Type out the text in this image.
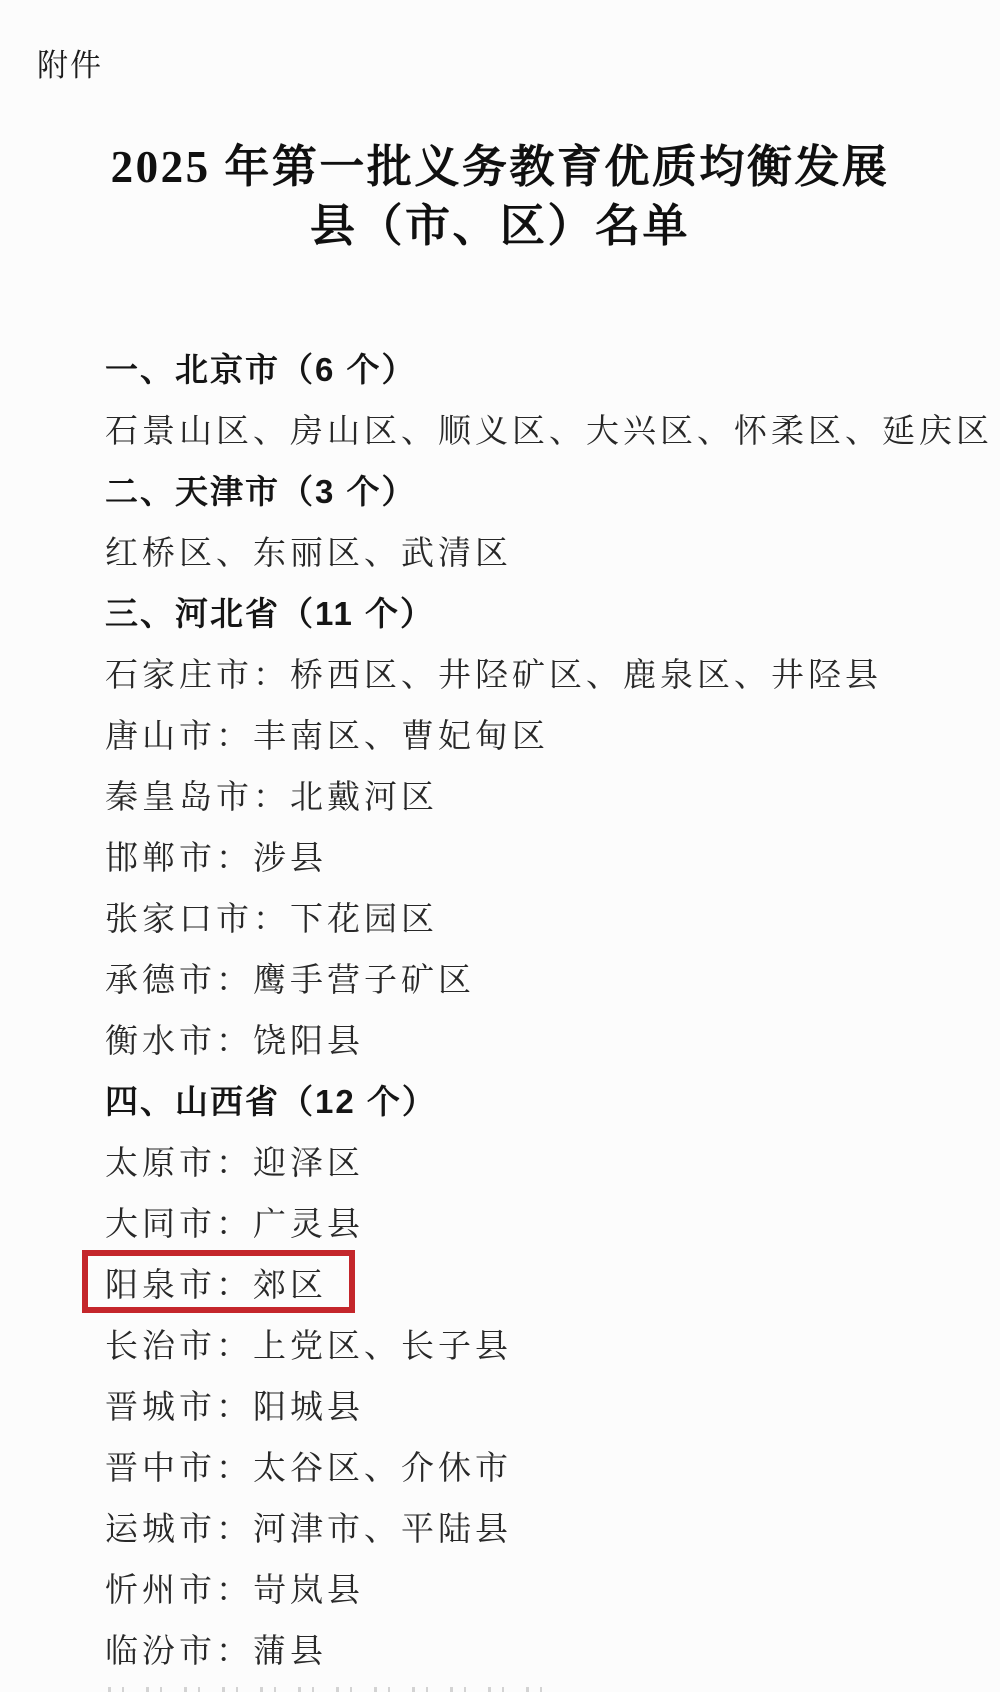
附件
2025 年第一批义务教育优质均衡发展
县（市、区）名单
一、北京市（6 个）
石景山区、房山区、顺义区、大兴区、怀柔区、延庆区
二、天津市（3 个）
红桥区、东丽区、武清区
三、河北省（11 个）
石家庄市：桥西区、井陉矿区、鹿泉区、井陉县
唐山市：丰南区、曹妃甸区
秦皇岛市：北戴河区
邯郸市：涉县
张家口市：下花园区
承德市：鹰手营子矿区
衡水市：饶阳县
四、山西省（12 个）
太原市：迎泽区
大同市：广灵县
阳泉市：郊区
长治市：上党区、长子县
晋城市：阳城县
晋中市：太谷区、介休市
运城市：河津市、平陆县
忻州市：岢岚县
临汾市：蒲县
